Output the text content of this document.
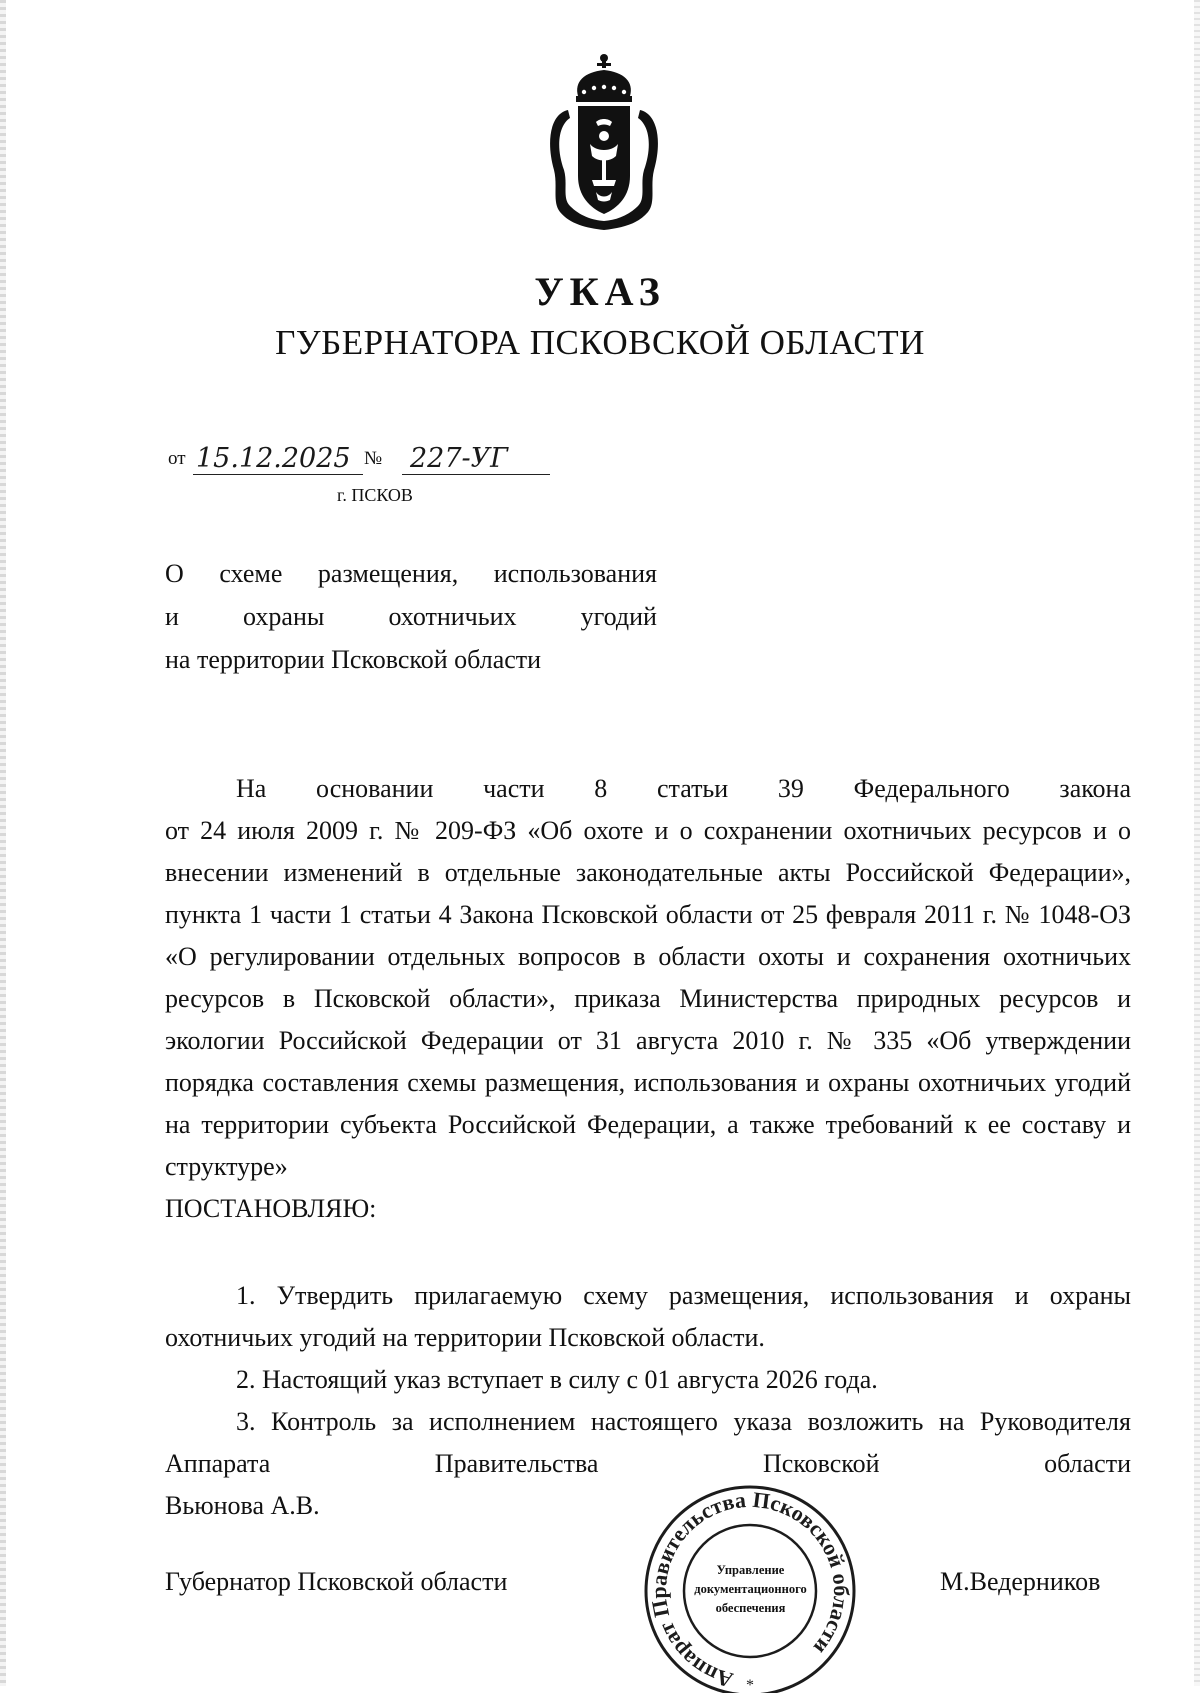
УКАЗ
ГУБЕРНАТОРА ПСКОВСКОЙ ОБЛАСТИ
от 15.12.2025 № 227-УГ
г. ПСКОВ
О схеме размещения, использования
и охраны охотничьих угодий
на территории Псковской области

На основании части 8 статьи 39 Федерального закона

от 24 июля 2009 г. № 209-ФЗ «Об охоте и о сохранении охотничьих ресурсов и о внесении изменений в отдельные законодательные акты Российской Федерации», пункта 1 части 1 статьи 4 Закона Псковской области от 25 февраля 2011 г. № 1048-ОЗ «О регулировании отдельных вопросов в области охоты и сохранения охотничьих ресурсов в Псковской области», приказа Министерства природных ресурсов и экологии Российской Федерации от 31 августа 2010 г. № 335 «Об утверждении порядка составления схемы размещения, использования и охраны охотничьих угодий на территории субъекта Российской Федерации, а также требований к ее составу и структуре»

ПОСТАНОВЛЯЮ:

1. Утвердить прилагаемую схему размещения, использования и охраны охотничьих угодий на территории Псковской области.

2. Настоящий указ вступает в силу с 01 августа 2026 года.

3. Контроль за исполнением настоящего указа возложить на Руководителя Аппарата Правительства Псковской области

Вьюнова А.В.

Губернатор Псковской области	М.Ведерников
Аппарат Правительства Псковской области
*
Управление
документационного
обеспечения
